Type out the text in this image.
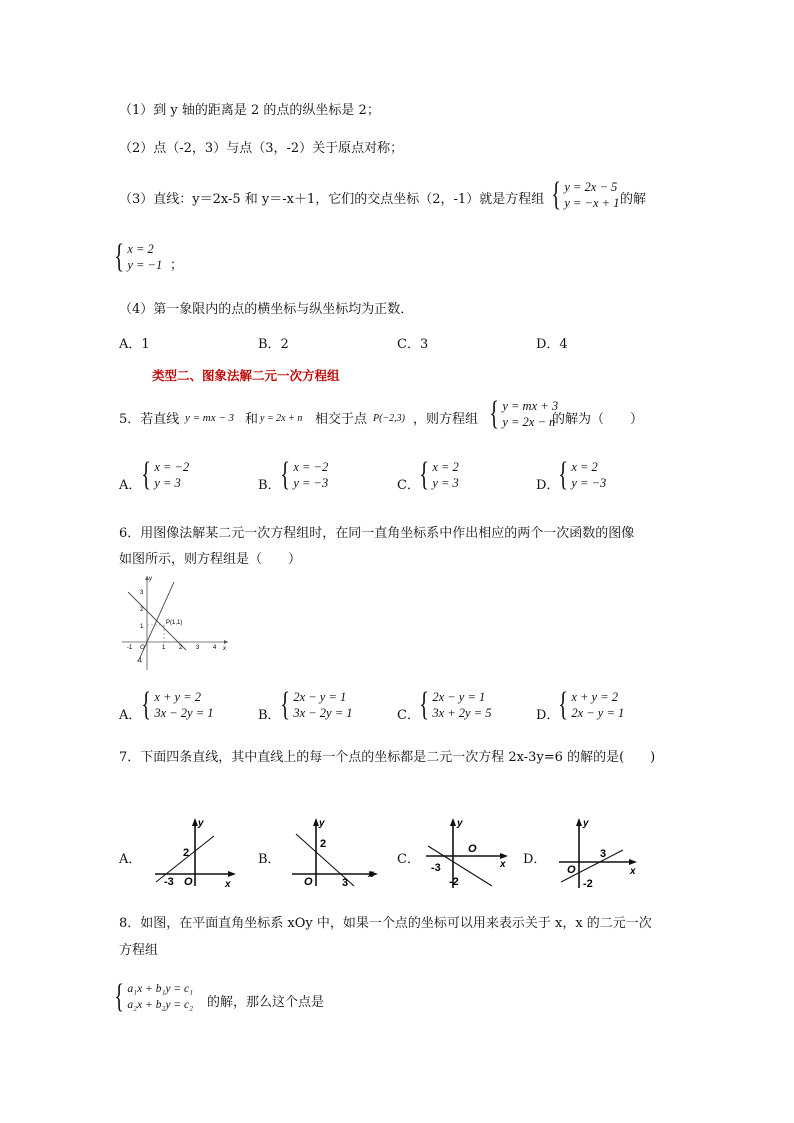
（1）到 y 轴的距离是 2 的点的纵坐标是 2；
（2）点（-2，3）与点（3，-2）关于原点对称；
（3）直线：y＝2x-5 和 y＝-x＋1，它们的交点坐标（2，-1）就是方程组 { y = 2x − 5
y = −x + 1 的解
{ x = 2
y = −1 ；
（4）第一象限内的点的横坐标与纵坐标均为正数．
A．1	B．2	C．3	D．4
类型二、图象法解二元一次方程组
5．若直线 y = mx − 3 和 y = 2x + n 相交于点 P(−2,3) ，则方程组 { y = mx + 3
y = 2x − n
的解为（　　）
A． { x = −2
y = 3	B． { x = −2
y = −3	C． { x = 2
y = 3	D．
{ x = 2
y = −3
6．用图像法解某二元一次方程组时，在同一直角坐标系中作出相应的两个一次函数的图像
如图所示，则方程组是（　　）
P(1,1)
y
x
O
-1	1 2 3 4
3
2
1
-1
A． { x + y = 2
3x − 2y = 1	B． { 2x − y = 1
3x − 2y = 1	C． { 2x − y = 1
3x + 2y = 5	D．
{ x + y = 2
2x − y = 1
7．下面四条直线，其中直线上的每一个点的坐标都是二元一次方程 2x-3y=6 的解的是(　　)
A．	B．	C．	D．
y
x
2
-3 O
y
x
2
O	3
y
x
O
-3
-2
y
x
3
O
-2
8．如图，在平面直角坐标系 xOy 中，如果一个点的坐标可以用来表示关于 x，x 的二元一次
方程组
{ a₁x + b₁y = c₁
a₂x + b₂y = c₂ 的解，那么这个点是
